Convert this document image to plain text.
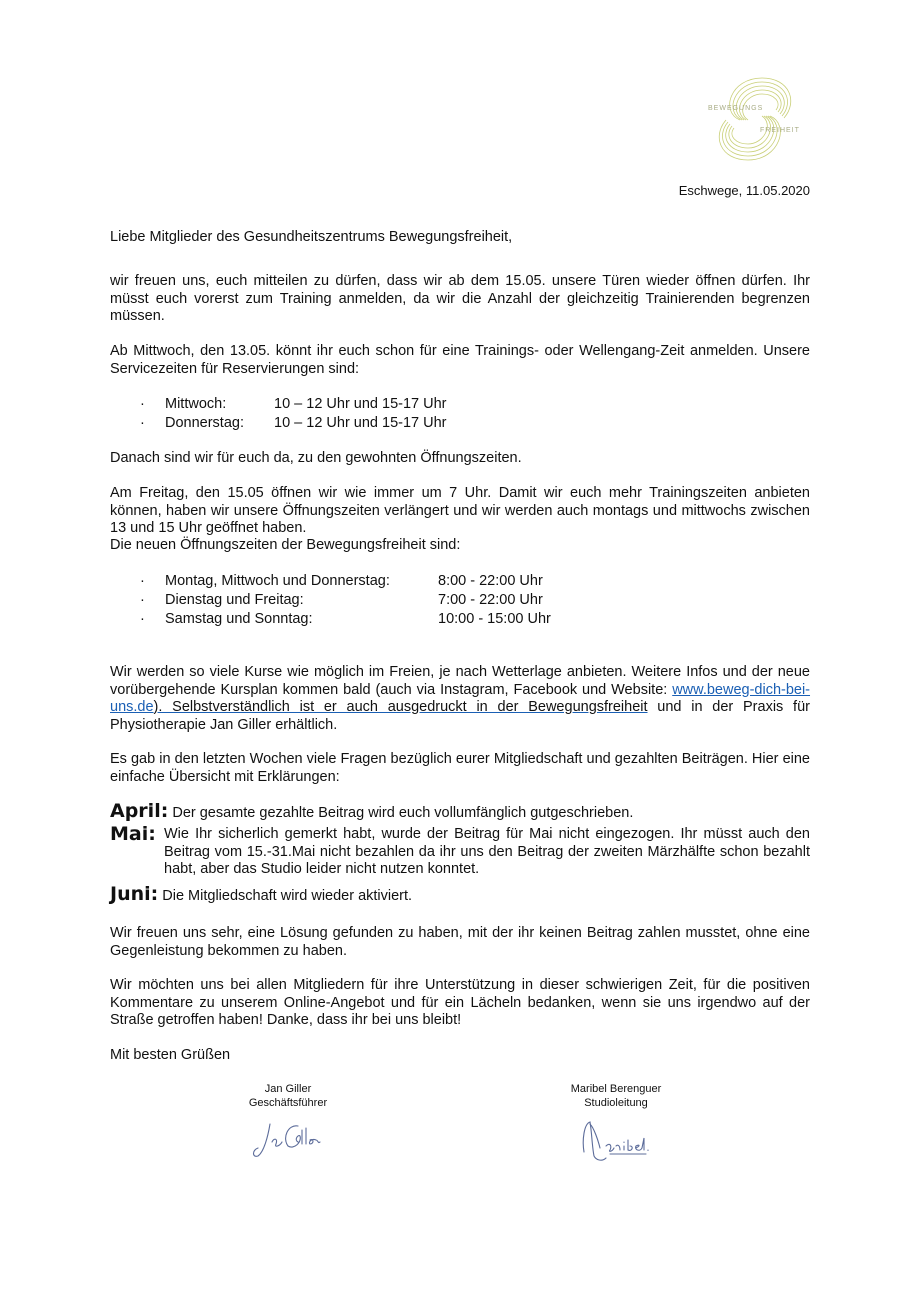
BEWEGUNGS
FREIHEIT
Eschwege, 11.05.2020
Liebe Mitglieder des Gesundheitszentrums Bewegungsfreiheit,
wir freuen uns, euch mitteilen zu dürfen, dass wir ab dem 15.05. unsere Türen wieder öffnen dürfen. Ihr müsst euch vorerst zum Training anmelden, da wir die Anzahl der gleichzeitig Trainierenden begrenzen müssen.
Ab Mittwoch, den 13.05. könnt ihr euch schon für eine Trainings- oder Wellengang-Zeit anmelden. Unsere Servicezeiten für Reservierungen sind:
·	Mittwoch:	10 – 12 Uhr und 15-17 Uhr
·	Donnerstag:	10 – 12 Uhr und 15-17 Uhr
Danach sind wir für euch da, zu den gewohnten Öffnungszeiten.
Am Freitag, den 15.05 öffnen wir wie immer um 7 Uhr. Damit wir euch mehr Trainingszeiten anbieten können, haben wir unsere Öffnungszeiten verlängert und wir werden auch montags und mittwochs zwischen 13 und 15 Uhr geöffnet haben.
Die neuen Öffnungszeiten der Bewegungsfreiheit sind:
·	Montag, Mittwoch und Donnerstag:	8:00 - 22:00 Uhr
·	Dienstag und Freitag:	7:00 - 22:00 Uhr
·	Samstag und Sonntag:	10:00 - 15:00 Uhr
Wir werden so viele Kurse wie möglich im Freien, je nach Wetterlage anbieten. Weitere Infos und der neue vorübergehende Kursplan kommen bald (auch via Instagram, Facebook und Website: www.beweg-dich-bei-uns.de). Selbstverständlich ist er auch ausgedruckt in der Bewegungsfreiheit und in der Praxis für Physiotherapie Jan Giller erhältlich.
Es gab in den letzten Wochen viele Fragen bezüglich eurer Mitgliedschaft und gezahlten Beiträgen. Hier eine einfache Übersicht mit Erklärungen:
April: Der gesamte gezahlte Beitrag wird euch vollumfänglich gutgeschrieben.
Mai: Wie Ihr sicherlich gemerkt habt, wurde der Beitrag für Mai nicht eingezogen. Ihr müsst auch den Beitrag vom 15.-31.Mai nicht bezahlen da ihr uns den Beitrag der zweiten Märzhälfte schon bezahlt habt, aber das Studio leider nicht nutzen konntet.
Juni: Die Mitgliedschaft wird wieder aktiviert.
Wir freuen uns sehr, eine Lösung gefunden zu haben, mit der ihr keinen Beitrag zahlen musstet, ohne eine Gegenleistung bekommen zu haben.
Wir möchten uns bei allen Mitgliedern für ihre Unterstützung in dieser schwierigen Zeit, für die positiven Kommentare zu unserem Online-Angebot und für ein Lächeln bedanken, wenn sie uns irgendwo auf der Straße getroffen haben! Danke, dass ihr bei uns bleibt!
Mit besten Grüßen
Jan Giller
Geschäftsführer
Maribel Berenguer
Studioleitung
